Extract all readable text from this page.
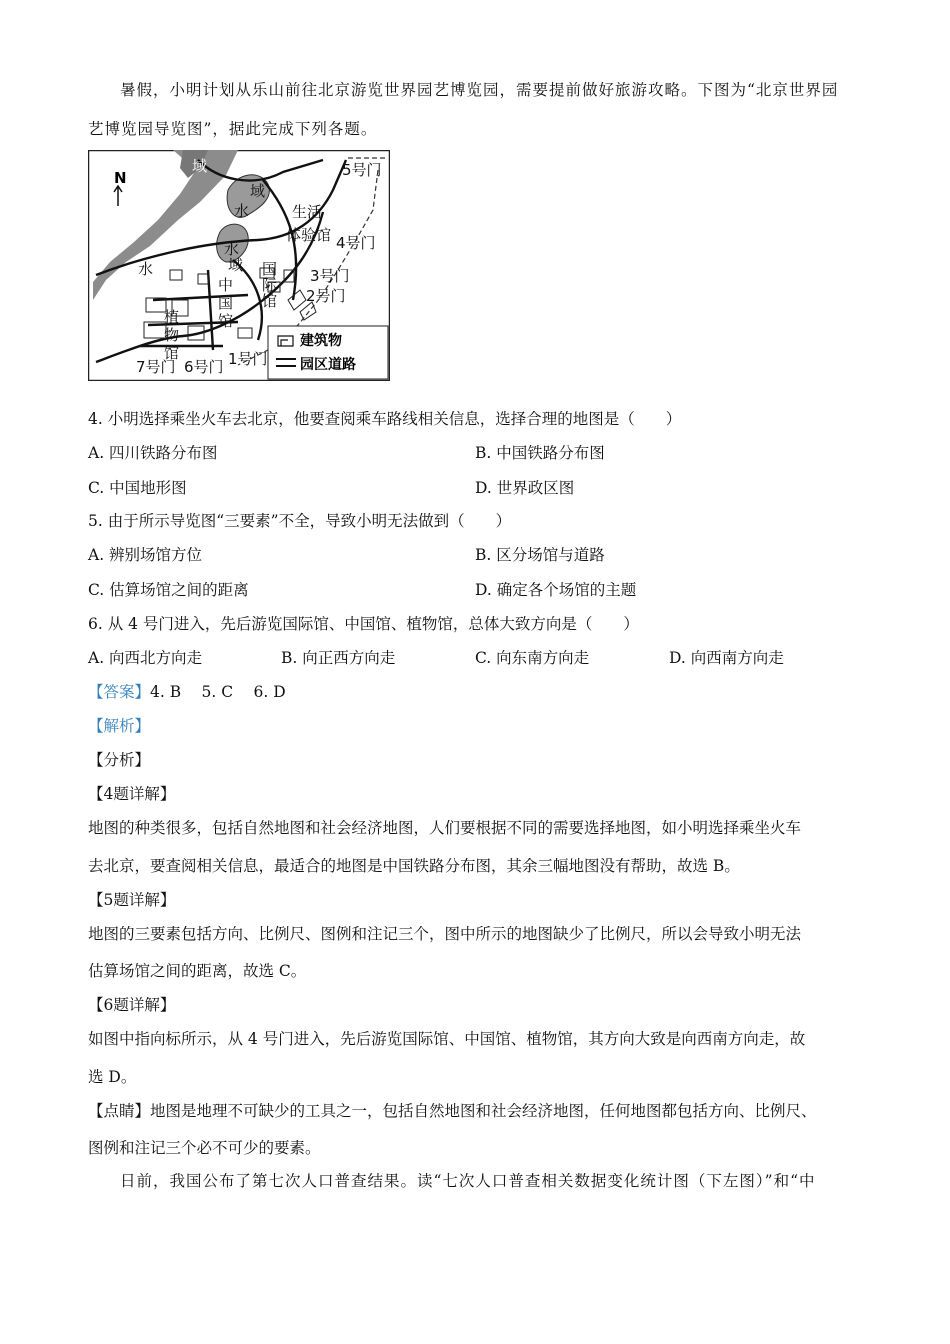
暑假，小明计划从乐山前往北京游览世界园艺博览园，需要提前做好旅游攻略。下图为“北京世界园
艺博览园导览图”，据此完成下列各题。
N
域
水
域
5号门
生活
体验馆 4号门
水
水
域 国
际
馆
中
国
馆
3号门
2号门
植
物
馆
7号门 6号门 1号门
建筑物
园区道路
4. 小明选择乘坐火车去北京，他要查阅乘车路线相关信息，选择合理的地图是（　　）
A. 四川铁路分布图	B. 中国铁路分布图
C. 中国地形图	D. 世界政区图
5. 由于所示导览图“三要素”不全，导致小明无法做到（　　）
A. 辨别场馆方位	B. 区分场馆与道路
C. 估算场馆之间的距离	D. 确定各个场馆的主题
6. 从 4 号门进入，先后游览国际馆、中国馆、植物馆，总体大致方向是（　　）
A. 向西北方向走	B. 向正西方向走	C. 向东南方向走	D. 向西南方向走
【答案】4. B　 5. C　 6. D
【解析】
【分析】
【4题详解】
地图的种类很多，包括自然地图和社会经济地图，人们要根据不同的需要选择地图，如小明选择乘坐火车
去北京，要查阅相关信息，最适合的地图是中国铁路分布图，其余三幅地图没有帮助，故选 B。
【5题详解】
地图的三要素包括方向、比例尺、图例和注记三个，图中所示的地图缺少了比例尺，所以会导致小明无法
估算场馆之间的距离，故选 C。
【6题详解】
如图中指向标所示，从 4 号门进入，先后游览国际馆、中国馆、植物馆，其方向大致是向西南方向走，故
选 D。
【点睛】地图是地理不可缺少的工具之一，包括自然地图和社会经济地图，任何地图都包括方向、比例尺、
图例和注记三个必不可少的要素。
日前，我国公布了第七次人口普查结果。读“七次人口普查相关数据变化统计图（下左图）”和“中
